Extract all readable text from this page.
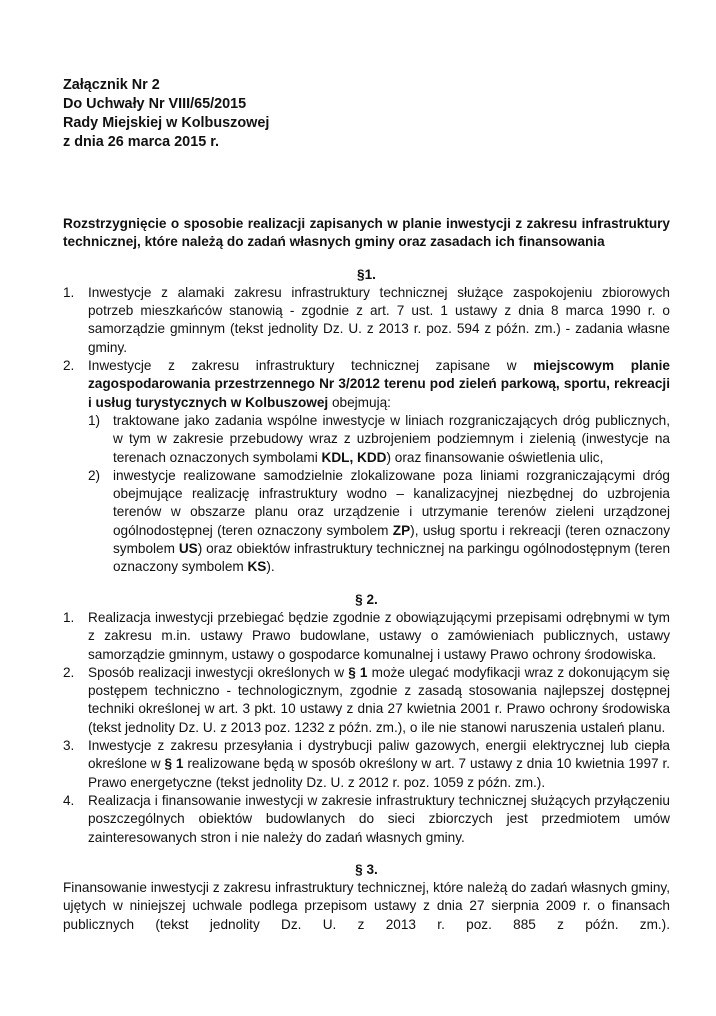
Załącznik Nr 2
Do Uchwały Nr VIII/65/2015
Rady Miejskiej w Kolbuszowej
z dnia 26 marca 2015 r.
Rozstrzygnięcie o sposobie realizacji zapisanych w planie inwestycji z zakresu infrastruktury technicznej, które należą do zadań własnych gminy oraz zasadach ich finansowania
§1.
1. Inwestycje z alamaki zakresu infrastruktury technicznej służące zaspokojeniu zbiorowych potrzeb mieszkańców stanowią - zgodnie z art. 7 ust. 1 ustawy z dnia 8 marca 1990 r. o samorządzie gminnym (tekst jednolity Dz. U. z 2013 r. poz. 594 z późn. zm.) - zadania własne gminy.
2. Inwestycje z zakresu infrastruktury technicznej zapisane w miejscowym planie zagospodarowania przestrzennego Nr 3/2012 terenu pod zieleń parkową, sportu, rekreacji i usług turystycznych w Kolbuszowej obejmują:
1) traktowane jako zadania wspólne inwestycje w liniach rozgraniczających dróg publicznych, w tym w zakresie przebudowy wraz z uzbrojeniem podziemnym i zielenią (inwestycje na terenach oznaczonych symbolami KDL, KDD) oraz finansowanie oświetlenia ulic,
2) inwestycje realizowane samodzielnie zlokalizowane poza liniami rozgraniczającymi dróg obejmujące realizację infrastruktury wodno – kanalizacyjnej niezbędnej do uzbrojenia terenów w obszarze planu oraz urządzenie i utrzymanie terenów zieleni urządzonej ogólnodostępnej (teren oznaczony symbolem ZP), usług sportu i rekreacji (teren oznaczony symbolem US) oraz obiektów infrastruktury technicznej na parkingu ogólnodostępnym (teren oznaczony symbolem KS).
§ 2.
1. Realizacja inwestycji przebiegać będzie zgodnie z obowiązującymi przepisami odrębnymi w tym z zakresu m.in. ustawy Prawo budowlane, ustawy o zamówieniach publicznych, ustawy samorządzie gminnym, ustawy o gospodarce komunalnej i ustawy Prawo ochrony środowiska.
2. Sposób realizacji inwestycji określonych w § 1 może ulegać modyfikacji wraz z dokonującym się postępem techniczno - technologicznym, zgodnie z zasadą stosowania najlepszej dostępnej techniki określonej w art. 3 pkt. 10 ustawy z dnia 27 kwietnia 2001 r. Prawo ochrony środowiska (tekst jednolity Dz. U. z 2013 poz. 1232 z późn. zm.), o ile nie stanowi naruszenia ustaleń planu.
3. Inwestycje z zakresu przesyłania i dystrybucji paliw gazowych, energii elektrycznej lub ciepła określone w § 1 realizowane będą w sposób określony w art. 7 ustawy z dnia 10 kwietnia 1997 r. Prawo energetyczne (tekst jednolity Dz. U. z 2012 r. poz. 1059 z późn. zm.).
4. Realizacja i finansowanie inwestycji w zakresie infrastruktury technicznej służących przyłączeniu poszczególnych obiektów budowlanych do sieci zbiorczych jest przedmiotem umów zainteresowanych stron i nie należy do zadań własnych gminy.
§ 3.
Finansowanie inwestycji z zakresu infrastruktury technicznej, które należą do zadań własnych gminy, ujętych w niniejszej uchwale podlega przepisom ustawy z dnia 27 sierpnia 2009 r. o finansach publicznych (tekst jednolity Dz. U. z 2013 r. poz. 885 z późn. zm.).
